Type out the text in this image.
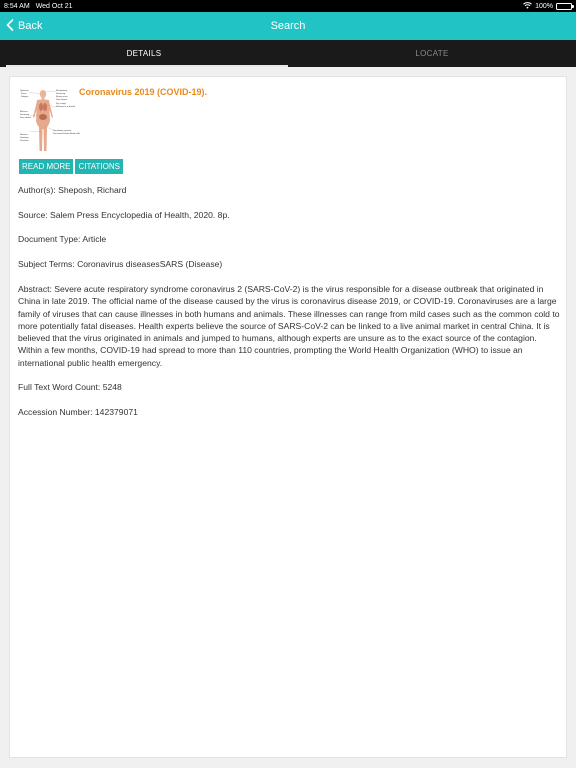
8:54 AM Wed Oct 21	100%
Back	Search
DETAILS	LOCATE
Systemic
Fever
Fatigue
Mucous
Sneezing
Sore throat
Nausea
Vomiting
Diarrhea
Respiratory
Sneezing
Runny nose
Sore throat
Dry cough
Shortness of breath
Circulatory system
Decreased white blood cells
Coronavirus 2019 (COVID-19).
READ MORE	CITATIONS
Author(s): Sheposh, Richard
Source: Salem Press Encyclopedia of Health, 2020. 8p.
Document Type: Article
Subject Terms: Coronavirus diseasesSARS (Disease)
Abstract: Severe acute respiratory syndrome coronavirus 2 (SARS-CoV-2) is the virus responsible for a disease outbreak that originated in China in late 2019. The official name of the disease caused by the virus is coronavirus disease 2019, or COVID-19. Coronaviruses are a large family of viruses that can cause illnesses in both humans and animals. These illnesses can range from mild cases such as the common cold to more potentially fatal diseases. Health experts believe the source of SARS-CoV-2 can be linked to a live animal market in central China. It is believed that the virus originated in animals and jumped to humans, although experts are unsure as to the exact source of the contagion. Within a few months, COVID-19 had spread to more than 110 countries, prompting the World Health Organization (WHO) to issue an international public health emergency.
Full Text Word Count: 5248
Accession Number: 142379071
